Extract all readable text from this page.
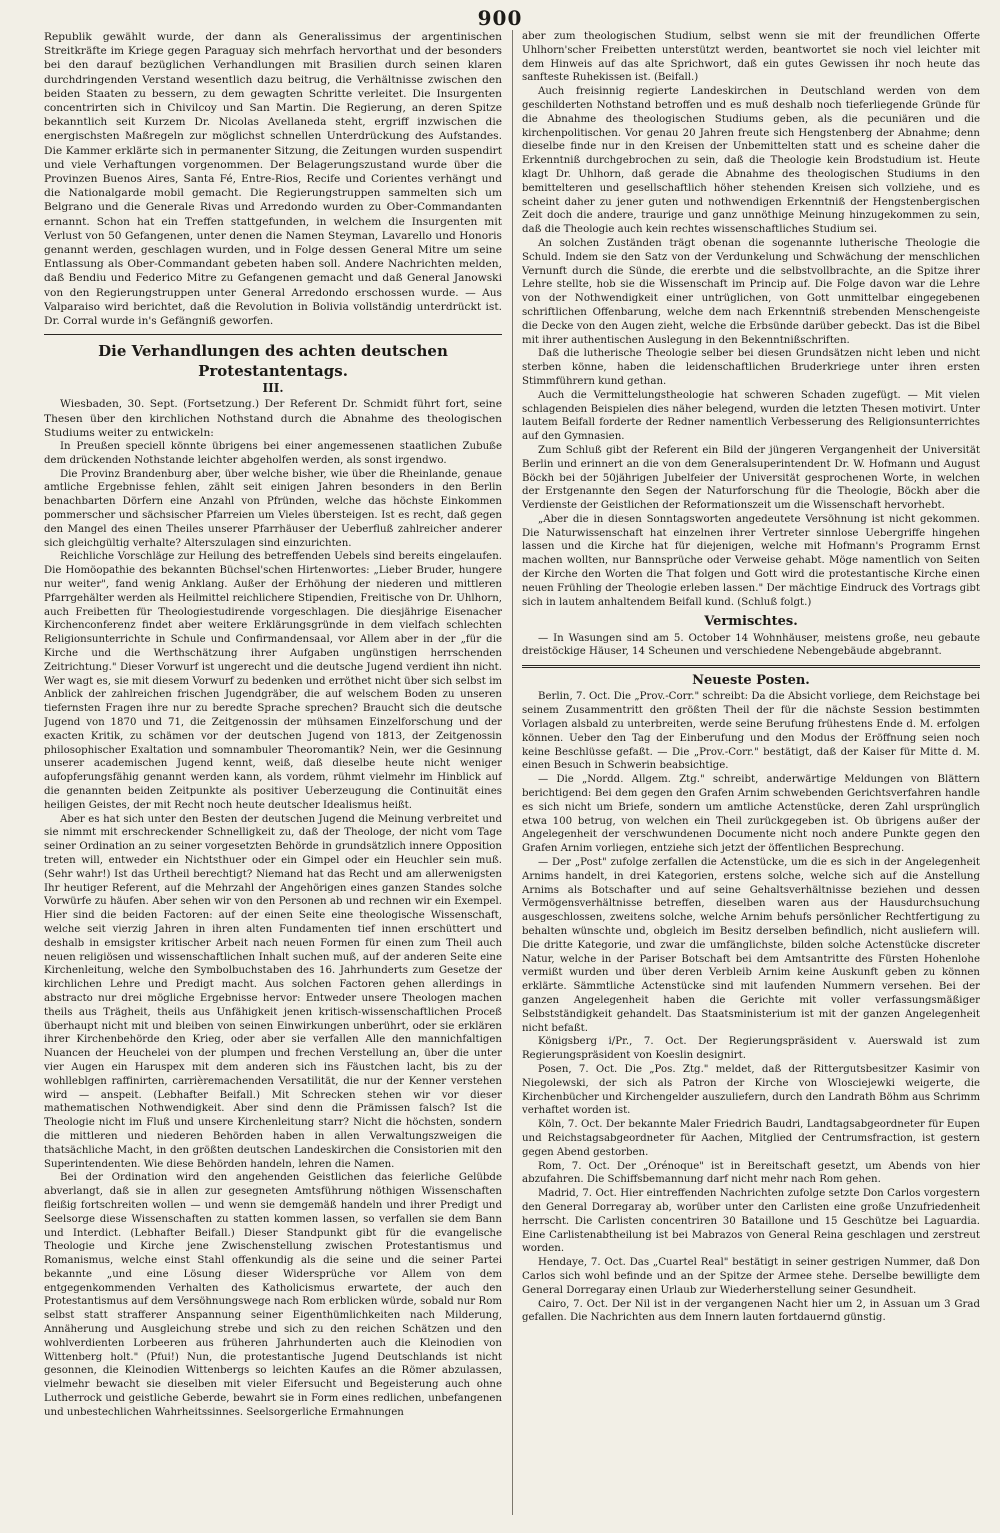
900

Republik gewählt wurde, der dann als Generalissimus der argentinischen Streitkräfte im Kriege gegen Paraguay sich mehrfach hervorthat und der besonders bei den darauf bezüglichen Verhandlungen mit Brasilien durch seinen klaren durchdringenden Verstand wesentlich dazu beitrug, die Verhältnisse zwischen den beiden Staaten zu bessern, zu dem gewagten Schritte verleitet. Die Insurgenten concentrirten sich in Chivilcoy und San Martin. Die Regierung, an deren Spitze bekanntlich seit Kurzem Dr. Nicolas Avellaneda steht, ergriff inzwischen die energischsten Maßregeln zur möglichst schnellen Unterdrückung des Aufstandes. Die Kammer erklärte sich in permanenter Sitzung, die Zeitungen wurden suspendirt und viele Verhaftungen vorgenommen. Der Belagerungszustand wurde über die Provinzen Buenos Aires, Santa Fé, Entre-Rios, Recife und Corientes verhängt und die Nationalgarde mobil gemacht. Die Regierungstruppen sammelten sich um Belgrano und die Generale Rivas und Arredondo wurden zu Ober-Commandanten ernannt. Schon hat ein Treffen stattgefunden, in welchem die Insurgenten mit Verlust von 50 Gefangenen, unter denen die Namen Steyman, Lavarello und Honoris genannt werden, geschlagen wurden, und in Folge dessen General Mitre um seine Entlassung als Ober-Commandant gebeten haben soll. Andere Nachrichten melden, daß Bendiu und Federico Mitre zu Gefangenen gemacht und daß General Janowski von den Regierungstruppen unter General Arredondo erschossen wurde. — Aus Valparaiso wird berichtet, daß die Revolution in Bolivia vollständig unterdrückt ist. Dr. Corral wurde in's Gefängniß geworfen.

Die Verhandlungen des achten deutschen Protestantentags.
III.

Wiesbaden, 30. Sept. (Fortsetzung.) Der Referent Dr. Schmidt führt fort, seine Thesen über den kirchlichen Nothstand durch die Abnahme des theologischen Studiums weiter zu entwickeln:

In Preußen speciell könnte übrigens bei einer angemessenen staatlichen Zubuße dem drückenden Nothstande leichter abgeholfen werden, als sonst irgendwo.

Die Provinz Brandenburg aber, über welche bisher, wie über die Rheinlande, genaue amtliche Ergebnisse fehlen, zählt seit einigen Jahren besonders in den Berlin benachbarten Dörfern eine Anzahl von Pfründen, welche das höchste Einkommen pommerscher und sächsischer Pfarreien um Vieles übersteigen. Ist es recht, daß gegen den Mangel des einen Theiles unserer Pfarrhäuser der Ueberfluß zahlreicher anderer sich gleichgültig verhalte? Alterszulagen sind einzurichten.

Reichliche Vorschläge zur Heilung des betreffenden Uebels sind bereits eingelaufen. Die Homöopathie des bekannten Büchsel'schen Hirtenwortes: „Lieber Bruder, hungere nur weiter", fand wenig Anklang. Außer der Erhöhung der niederen und mittleren Pfarrgehälter werden als Heilmittel reichlichere Stipendien, Freitische von Dr. Uhlhorn, auch Freibetten für Theologiestudirende vorgeschlagen. Die diesjährige Eisenacher Kirchenconferenz findet aber weitere Erklärungsgründe in dem vielfach schlechten Religionsunterrichte in Schule und Confirmandensaal, vor Allem aber in der „für die Kirche und die Werthschätzung ihrer Aufgaben ungünstigen herrschenden Zeitrichtung." Dieser Vorwurf ist ungerecht und die deutsche Jugend verdient ihn nicht. Wer wagt es, sie mit diesem Vorwurf zu bedenken und erröthet nicht über sich selbst im Anblick der zahlreichen frischen Jugendgräber, die auf welschem Boden zu unseren tiefernsten Fragen ihre nur zu beredte Sprache sprechen? Braucht sich die deutsche Jugend von 1870 und 71, die Zeitgenossin der mühsamen Einzelforschung und der exacten Kritik, zu schämen vor der deutschen Jugend von 1813, der Zeitgenossin philosophischer Exaltation und somnambuler Theoromantik? Nein, wer die Gesinnung unserer academischen Jugend kennt, weiß, daß dieselbe heute nicht weniger aufopferungsfähig genannt werden kann, als vordem, rühmt vielmehr im Hinblick auf die genannten beiden Zeitpunkte als positiver Ueberzeugung die Continuität eines heiligen Geistes, der mit Recht noch heute deutscher Idealismus heißt.

Aber es hat sich unter den Besten der deutschen Jugend die Meinung verbreitet und sie nimmt mit erschreckender Schnelligkeit zu, daß der Theologe, der nicht vom Tage seiner Ordination an zu seiner vorgesetzten Behörde in grundsätzlich innere Opposition treten will, entweder ein Nichtsthuer oder ein Gimpel oder ein Heuchler sein muß. (Sehr wahr!) Ist das Urtheil berechtigt? Niemand hat das Recht und am allerwenigsten Ihr heutiger Referent, auf die Mehrzahl der Angehörigen eines ganzen Standes solche Vorwürfe zu häufen. Aber sehen wir von den Personen ab und rechnen wir ein Exempel. Hier sind die beiden Factoren: auf der einen Seite eine theologische Wissenschaft, welche seit vierzig Jahren in ihren alten Fundamenten tief innen erschüttert und deshalb in emsigster kritischer Arbeit nach neuen Formen für einen zum Theil auch neuen religiösen und wissenschaftlichen Inhalt suchen muß, auf der anderen Seite eine Kirchenleitung, welche den Symbolbuchstaben des 16. Jahrhunderts zum Gesetze der kirchlichen Lehre und Predigt macht. Aus solchen Factoren gehen allerdings in abstracto nur drei mögliche Ergebnisse hervor: Entweder unsere Theologen machen theils aus Trägheit, theils aus Unfähigkeit jenen kritisch-wissenschaftlichen Proceß überhaupt nicht mit und bleiben von seinen Einwirkungen unberührt, oder sie erklären ihrer Kirchenbehörde den Krieg, oder aber sie verfallen Alle den mannichfaltigen Nuancen der Heuchelei von der plumpen und frechen Verstellung an, über die unter vier Augen ein Haruspex mit dem anderen sich ins Fäustchen lacht, bis zu der wohlleblgen raffinirten, carrièremachenden Versatilität, die nur der Kenner verstehen wird — anspeit. (Lebhafter Beifall.) Mit Schrecken stehen wir vor dieser mathematischen Nothwendigkeit. Aber sind denn die Prämissen falsch? Ist die Theologie nicht im Fluß und unsere Kirchenleitung starr? Nicht die höchsten, sondern die mittleren und niederen Behörden haben in allen Verwaltungszweigen die thatsächliche Macht, in den größten deutschen Landeskirchen die Consistorien mit den Superintendenten. Wie diese Behörden handeln, lehren die Namen.

Bei der Ordination wird den angehenden Geistlichen das feierliche Gelübde abverlangt, daß sie in allen zur gesegneten Amtsführung nöthigen Wissenschaften fleißig fortschreiten wollen — und wenn sie demgemäß handeln und ihrer Predigt und Seelsorge diese Wissenschaften zu statten kommen lassen, so verfallen sie dem Bann und Interdict. (Lebhafter Beifall.) Dieser Standpunkt gibt für die evangelische Theologie und Kirche jene Zwischenstellung zwischen Protestantismus und Romanismus, welche einst Stahl offenkundig als die seine und die seiner Partei bekannte „und eine Lösung dieser Widersprüche vor Allem von dem entgegenkommenden Verhalten des Katholicismus erwartete, der auch den Protestantismus auf dem Versöhnungswege nach Rom erblicken würde, sobald nur Rom selbst statt strafferer Anspannung seiner Eigenthümlichkeiten nach Milderung, Annäherung und Ausgleichung strebe und sich zu den reichen Schätzen und den wohlverdienten Lorbeeren aus früheren Jahrhunderten auch die Kleinodien von Wittenberg holt." (Pfui!) Nun, die protestantische Jugend Deutschlands ist nicht gesonnen, die Kleinodien Wittenbergs so leichten Kaufes an die Römer abzulassen, vielmehr bewacht sie dieselben mit vieler Eifersucht und Begeisterung auch ohne Lutherrock und geistliche Geberde, bewahrt sie in Form eines redlichen, unbefangenen und unbestechlichen Wahrheitssinnes. Seelsorgerliche Ermahnungen

aber zum theologischen Studium, selbst wenn sie mit der freundlichen Offerte Uhlhorn'scher Freibetten unterstützt werden, beantwortet sie noch viel leichter mit dem Hinweis auf das alte Sprichwort, daß ein gutes Gewissen ihr noch heute das sanfteste Ruhekissen ist. (Beifall.)

Auch freisinnig regierte Landeskirchen in Deutschland werden von dem geschilderten Nothstand betroffen und es muß deshalb noch tieferliegende Gründe für die Abnahme des theologischen Studiums geben, als die pecuniären und die kirchenpolitischen. Vor genau 20 Jahren freute sich Hengstenberg der Abnahme; denn dieselbe finde nur in den Kreisen der Unbemittelten statt und es scheine daher die Erkenntniß durchgebrochen zu sein, daß die Theologie kein Brodstudium ist. Heute klagt Dr. Uhlhorn, daß gerade die Abnahme des theologischen Studiums in den bemittelteren und gesellschaftlich höher stehenden Kreisen sich vollziehe, und es scheint daher zu jener guten und nothwendigen Erkenntniß der Hengstenbergischen Zeit doch die andere, traurige und ganz unnöthige Meinung hinzugekommen zu sein, daß die Theologie auch kein rechtes wissenschaftliches Studium sei.

An solchen Zuständen trägt obenan die sogenannte lutherische Theologie die Schuld. Indem sie den Satz von der Verdunkelung und Schwächung der menschlichen Vernunft durch die Sünde, die ererbte und die selbstvollbrachte, an die Spitze ihrer Lehre stellte, hob sie die Wissenschaft im Princip auf. Die Folge davon war die Lehre von der Nothwendigkeit einer untrüglichen, von Gott unmittelbar eingegebenen schriftlichen Offenbarung, welche dem nach Erkenntniß strebenden Menschengeiste die Decke von den Augen zieht, welche die Erbsünde darüber gebeckt. Das ist die Bibel mit ihrer authentischen Auslegung in den Bekenntnißschriften.

Daß die lutherische Theologie selber bei diesen Grundsätzen nicht leben und nicht sterben könne, haben die leidenschaftlichen Bruderkriege unter ihren ersten Stimmführern kund gethan.

Auch die Vermittelungstheologie hat schweren Schaden zugefügt. — Mit vielen schlagenden Beispielen dies näher belegend, wurden die letzten Thesen motivirt. Unter lautem Beifall forderte der Redner namentlich Verbesserung des Religionsunterrichtes auf den Gymnasien.

Zum Schluß gibt der Referent ein Bild der jüngeren Vergangenheit der Universität Berlin und erinnert an die von dem Generalsuperintendent Dr. W. Hofmann und August Böckh bei der 50jährigen Jubelfeier der Universität gesprochenen Worte, in welchen der Erstgenannte den Segen der Naturforschung für die Theologie, Böckh aber die Verdienste der Geistlichen der Reformationszeit um die Wissenschaft hervorhebt.

„Aber die in diesen Sonntagsworten angedeutete Versöhnung ist nicht gekommen. Die Naturwissenschaft hat einzelnen ihrer Vertreter sinnlose Uebergriffe hingehen lassen und die Kirche hat für diejenigen, welche mit Hofmann's Programm Ernst machen wollten, nur Bannsprüche oder Verweise gehabt. Möge namentlich von Seiten der Kirche den Worten die That folgen und Gott wird die protestantische Kirche einen neuen Frühling der Theologie erleben lassen." Der mächtige Eindruck des Vortrags gibt sich in lautem anhaltendem Beifall kund. (Schluß folgt.)

Vermischtes.

— In Wasungen sind am 5. October 14 Wohnhäuser, meistens große, neu gebaute dreistöckige Häuser, 14 Scheunen und verschiedene Nebengebäude abgebrannt.

Neueste Posten.

Berlin, 7. Oct. Die „Prov.-Corr." schreibt: Da die Absicht vorliege, dem Reichstage bei seinem Zusammentritt den größten Theil der für die nächste Session bestimmten Vorlagen alsbald zu unterbreiten, werde seine Berufung frühestens Ende d. M. erfolgen können. Ueber den Tag der Einberufung und den Modus der Eröffnung seien noch keine Beschlüsse gefaßt. — Die „Prov.-Corr." bestätigt, daß der Kaiser für Mitte d. M. einen Besuch in Schwerin beabsichtige.

— Die „Nordd. Allgem. Ztg." schreibt, anderwärtige Meldungen von Blättern berichtigend: Bei dem gegen den Grafen Arnim schwebenden Gerichtsverfahren handle es sich nicht um Briefe, sondern um amtliche Actenstücke, deren Zahl ursprünglich etwa 100 betrug, von welchen ein Theil zurückgegeben ist. Ob übrigens außer der Angelegenheit der verschwundenen Documente nicht noch andere Punkte gegen den Grafen Arnim vorliegen, entziehe sich jetzt der öffentlichen Besprechung.

— Der „Post" zufolge zerfallen die Actenstücke, um die es sich in der Angelegenheit Arnims handelt, in drei Kategorien, erstens solche, welche sich auf die Anstellung Arnims als Botschafter und auf seine Gehaltsverhältnisse beziehen und dessen Vermögensverhältnisse betreffen, dieselben waren aus der Hausdurchsuchung ausgeschlossen, zweitens solche, welche Arnim behufs persönlicher Rechtfertigung zu behalten wünschte und, obgleich im Besitz derselben befindlich, nicht ausliefern will. Die dritte Kategorie, und zwar die umfänglichste, bilden solche Actenstücke discreter Natur, welche in der Pariser Botschaft bei dem Amtsantritte des Fürsten Hohenlohe vermißt wurden und über deren Verbleib Arnim keine Auskunft geben zu können erklärte. Sämmtliche Actenstücke sind mit laufenden Nummern versehen. Bei der ganzen Angelegenheit haben die Gerichte mit voller verfassungsmäßiger Selbstständigkeit gehandelt. Das Staatsministerium ist mit der ganzen Angelegenheit nicht befaßt.

Königsberg i/Pr., 7. Oct. Der Regierungspräsident v. Auerswald ist zum Regierungspräsident von Koeslin designirt.

Posen, 7. Oct. Die „Pos. Ztg." meldet, daß der Rittergutsbesitzer Kasimir von Niegolewski, der sich als Patron der Kirche von Wlosciejewki weigerte, die Kirchenbücher und Kirchengelder auszuliefern, durch den Landrath Böhm aus Schrimm verhaftet worden ist.

Köln, 7. Oct. Der bekannte Maler Friedrich Baudri, Landtagsabgeordneter für Eupen und Reichstagsabgeordneter für Aachen, Mitglied der Centrumsfraction, ist gestern gegen Abend gestorben.

Rom, 7. Oct. Der „Orénoque" ist in Bereitschaft gesetzt, um Abends von hier abzufahren. Die Schiffsbemannung darf nicht mehr nach Rom gehen.

Madrid, 7. Oct. Hier eintreffenden Nachrichten zufolge setzte Don Carlos vorgestern den General Dorregaray ab, worüber unter den Carlisten eine große Unzufriedenheit herrscht. Die Carlisten concentriren 30 Bataillone und 15 Geschütze bei Laguardia. Eine Carlistenabtheilung ist bei Mabrazos von General Reina geschlagen und zerstreut worden.

Hendaye, 7. Oct. Das „Cuartel Real" bestätigt in seiner gestrigen Nummer, daß Don Carlos sich wohl befinde und an der Spitze der Armee stehe. Derselbe bewilligte dem General Dorregaray einen Urlaub zur Wiederherstellung seiner Gesundheit.

Cairo, 7. Oct. Der Nil ist in der vergangenen Nacht hier um 2, in Assuan um 3 Grad gefallen. Die Nachrichten aus dem Innern lauten fortdauernd günstig.
